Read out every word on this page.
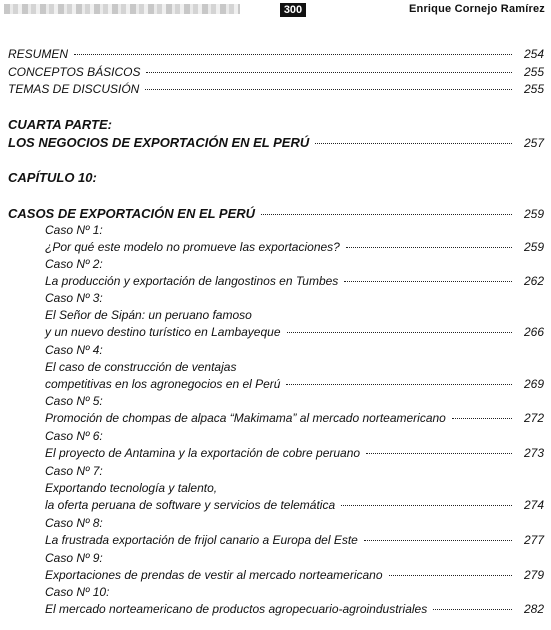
300	Enrique Cornejo Ramírez
RESUMEN	254
CONCEPTOS BÁSICOS	255
TEMAS DE DISCUSIÓN	255
CUARTA PARTE:
LOS NEGOCIOS DE EXPORTACIÓN EN EL PERÚ	257
CAPÍTULO 10:
CASOS DE EXPORTACIÓN EN EL PERÚ	259
Caso Nº 1:
¿Por qué este modelo no promueve las exportaciones?	259
Caso Nº 2:
La producción y exportación de langostinos en Tumbes	262
Caso Nº 3:
El Señor de Sipán: un peruano famoso
y un nuevo destino turístico en Lambayeque	266
Caso Nº 4:
El caso de construcción de ventajas
competitivas en los agronegocios en el Perú	269
Caso Nº 5:
Promoción de chompas de alpaca “Makimama” al mercado norteamericano	272
Caso Nº 6:
El proyecto de Antamina y la exportación de cobre peruano	273
Caso Nº 7:
Exportando tecnología y talento,
la oferta peruana de software y servicios de telemática	274
Caso Nº 8:
La frustrada exportación de frijol canario a Europa del Este	277
Caso Nº 9:
Exportaciones de prendas de vestir al mercado norteamericano	279
Caso Nº 10:
El mercado norteamericano de productos agropecuario-agroindustriales	282
